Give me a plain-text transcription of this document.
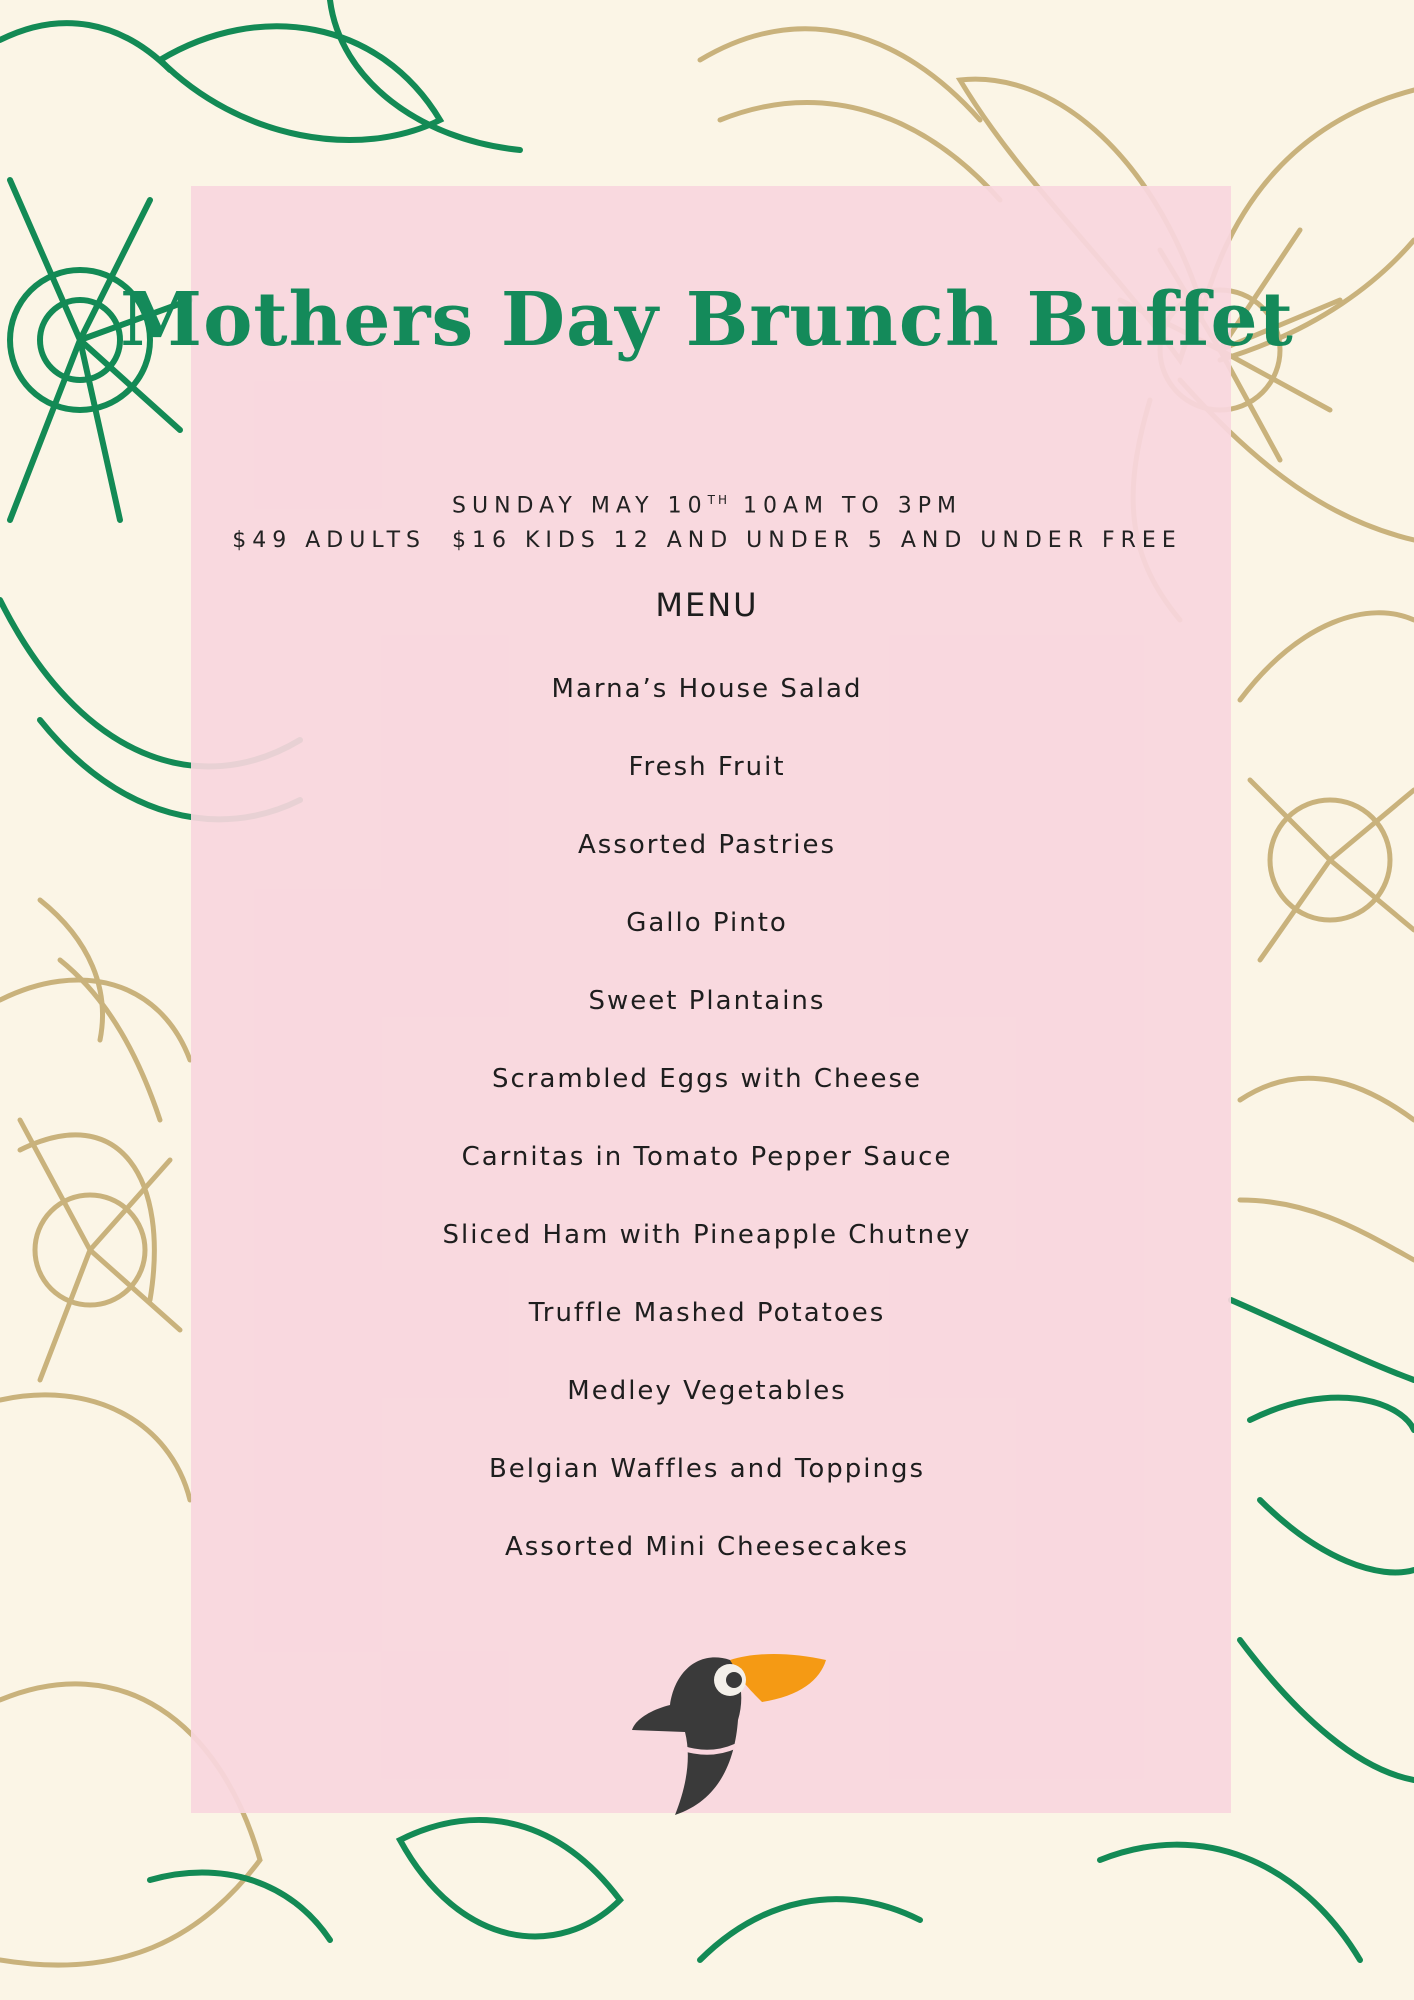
Mothers Day Brunch Buffet
SUNDAY MAY 10TH 10AM TO 3PM
$49 ADULTS  $16 KIDS 12 AND UNDER 5 AND UNDER FREE
MENU
Marna’s House Salad
Fresh Fruit
Assorted Pastries
Gallo Pinto
Sweet Plantains
Scrambled Eggs with Cheese
Carnitas in Tomato Pepper Sauce
Sliced Ham with Pineapple Chutney
Truffle Mashed Potatoes
Medley Vegetables
Belgian Waffles and Toppings
Assorted Mini Cheesecakes
